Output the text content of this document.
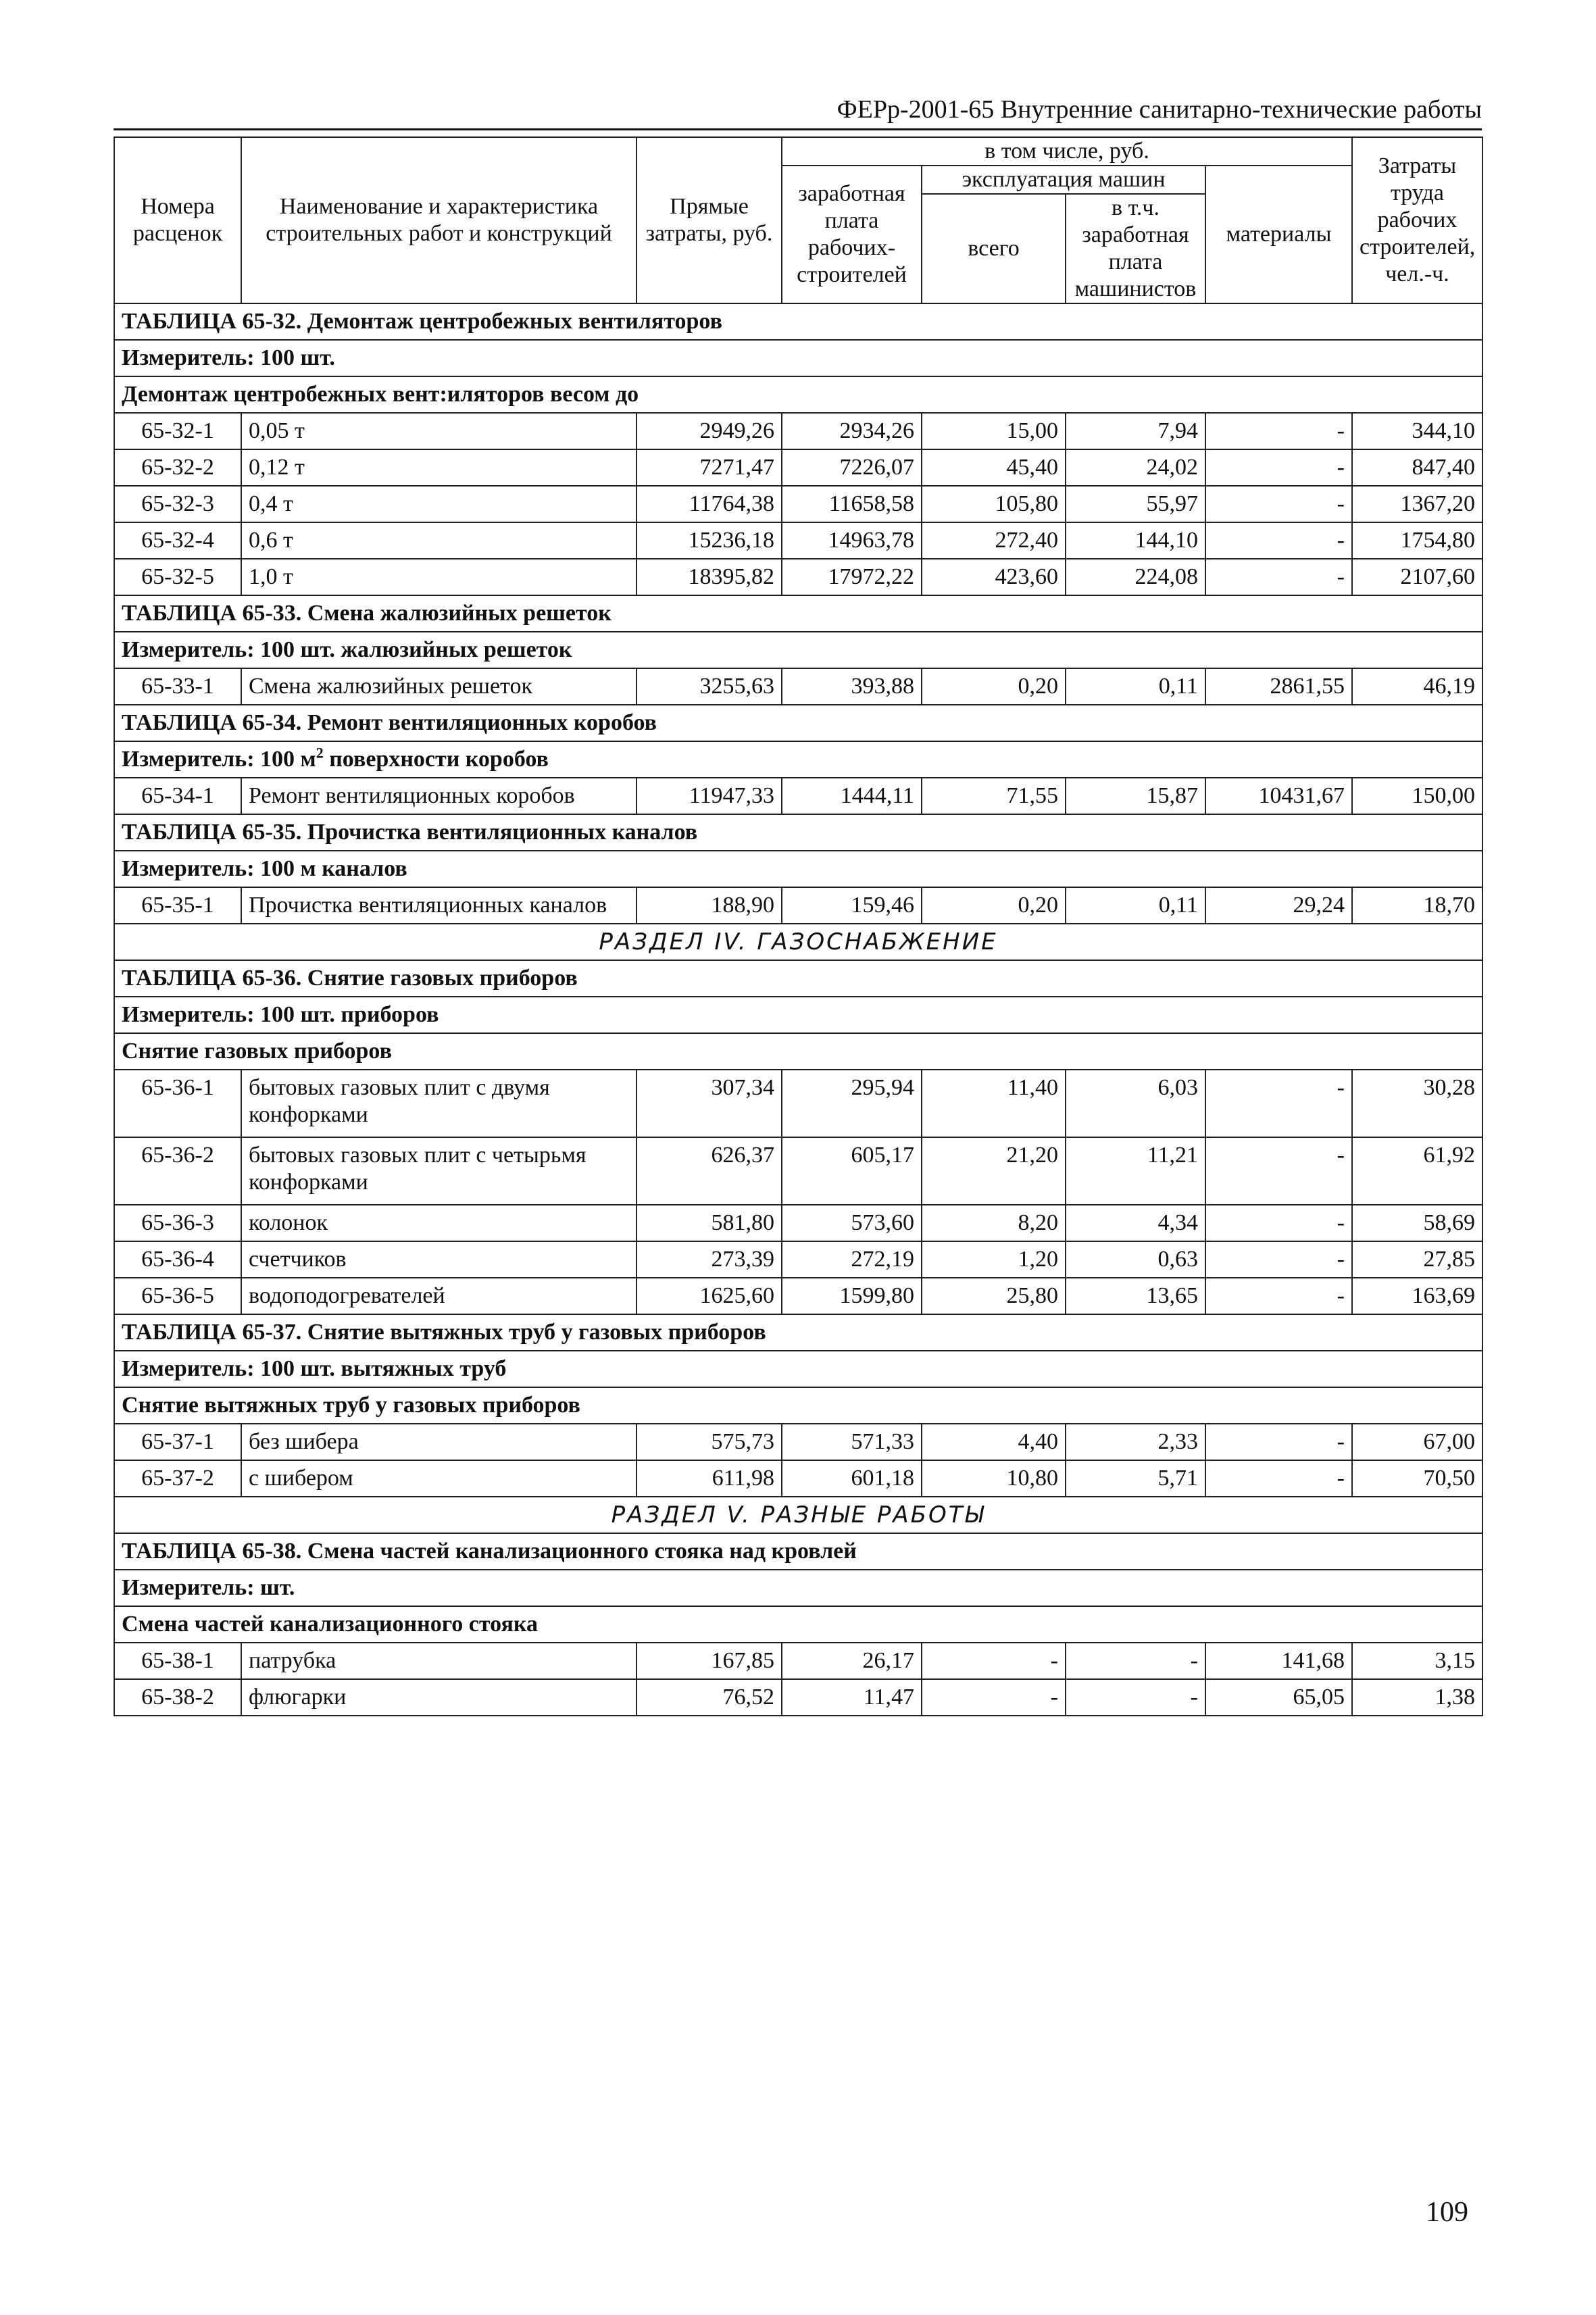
ФЕРр-2001-65 Внутренние санитарно-технические работы
Номера расценок	Наименование и характеристика строительных работ и конструкций	Прямые затраты, руб.	в том числе, руб.				Затраты труда рабочих строителей, чел.-ч.
			заработная плата рабочих-строителей	эксплуатация машин		материалы	
				всего	в т.ч. заработная плата машинистов		
ТАБЛИЦА 65-32. Демонтаж центробежных вентиляторов							
Измеритель: 100 шт.							
Демонтаж центробежных вент:иляторов весом до							
65-32-1	0,05 т	2949,26	2934,26	15,00	7,94	-	344,10
65-32-2	0,12 т	7271,47	7226,07	45,40	24,02	-	847,40
65-32-3	0,4 т	11764,38	11658,58	105,80	55,97	-	1367,20
65-32-4	0,6 т	15236,18	14963,78	272,40	144,10	-	1754,80
65-32-5	1,0 т	18395,82	17972,22	423,60	224,08	-	2107,60
ТАБЛИЦА 65-33. Смена жалюзийных решеток							
Измеритель: 100 шт. жалюзийных решеток							
65-33-1	Смена жалюзийных решеток	3255,63	393,88	0,20	0,11	2861,55	46,19
ТАБЛИЦА 65-34. Ремонт вентиляционных коробов							
Измеритель: 100 $м^2$ поверхности коробов							
65-34-1	Ремонт вентиляционных коробов	11947,33	1444,11	71,55	15,87	10431,67	150,00
ТАБЛИЦА 65-35. Прочистка вентиляционных каналов							
Измеритель: 100 м каналов							
65-35-1	Прочистка вентиляционных каналов	188,90	159,46	0,20	0,11	29,24	18,70
РАЗДЕЛ IV. ГАЗОСНАБЖЕНИЕ							
ТАБЛИЦА 65-36. Снятие газовых приборов							
Измеритель: 100 шт. приборов							
Снятие газовых приборов							
65-36-1	бытовых газовых плит с двумя конфорками	307,34	295,94	11,40	6,03	-	30,28
65-36-2	бытовых газовых плит с четырьмя конфорками	626,37	605,17	21,20	11,21	-	61,92
65-36-3	колонок	581,80	573,60	8,20	4,34	-	58,69
65-36-4	счетчиков	273,39	272,19	1,20	0,63	-	27,85
65-36-5	водоподогревателей	1625,60	1599,80	25,80	13,65	-	163,69
ТАБЛИЦА 65-37. Снятие вытяжных труб у газовых приборов							
Измеритель: 100 шт. вытяжных труб							
Снятие вытяжных труб у газовых приборов							
65-37-1	без шибера	575,73	571,33	4,40	2,33	-	67,00
65-37-2	с шибером	611,98	601,18	10,80	5,71	-	70,50
РАЗДЕЛ V. РАЗНЫЕ РАБОТЫ							
ТАБЛИЦА 65-38. Смена частей канализационного стояка над кровлей							
Измеритель: шт.							
Смена частей канализационного стояка							
65-38-1	патрубка	167,85	26,17	-	-	141,68	3,15
65-38-2	флюгарки	76,52	11,47	-	-	65,05	1,38
109
